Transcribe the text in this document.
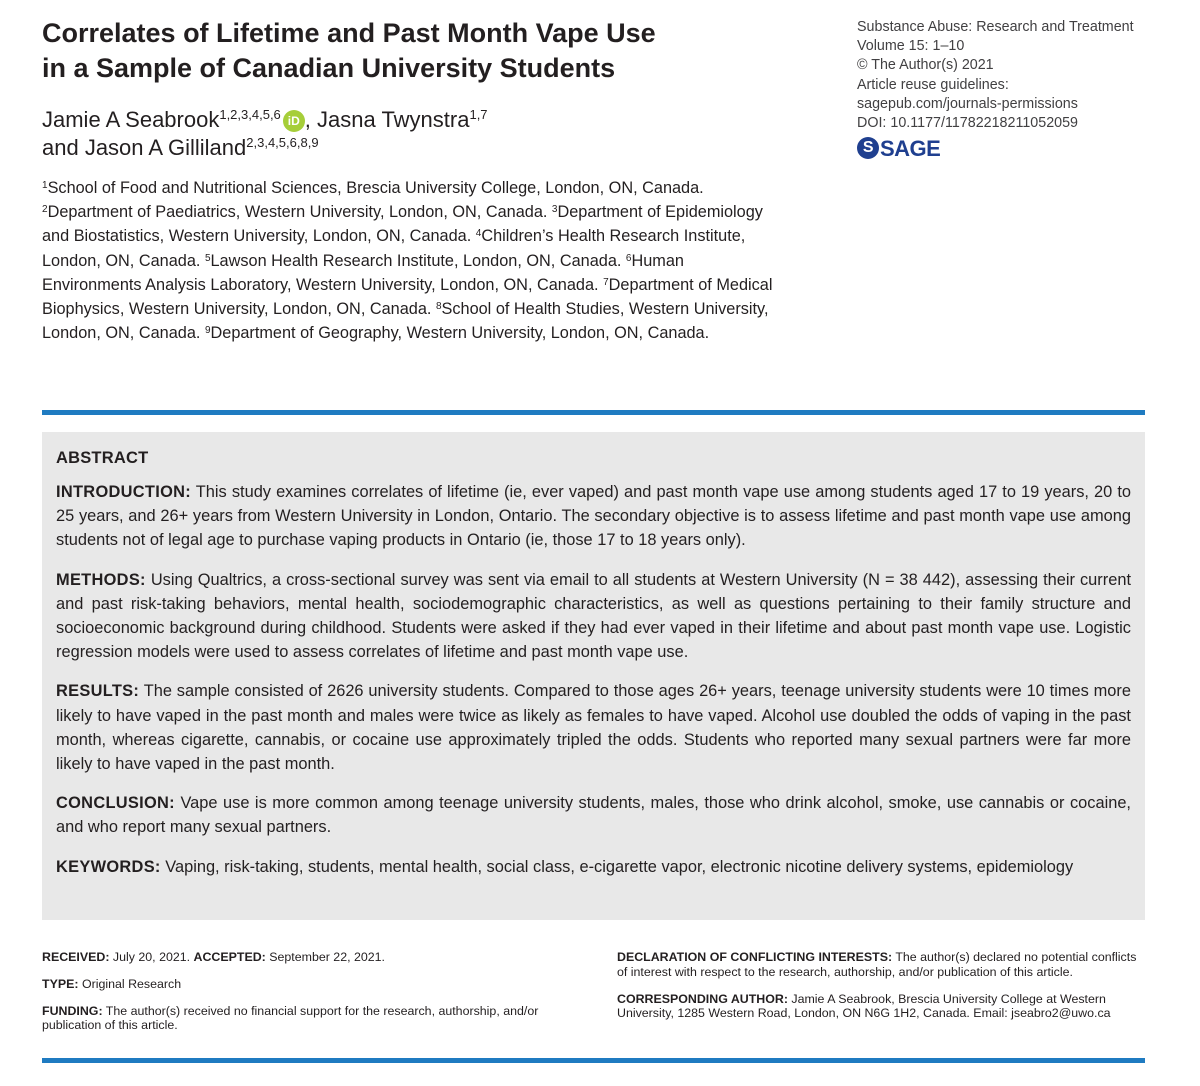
Correlates of Lifetime and Past Month Vape Use
in a Sample of Canadian University Students
Jamie A Seabrook$^{1,2,3,4,5,6}$ iD , Jasna Twynstra$^{1,7}$
and Jason A Gilliland$^{2,3,4,5,6,8,9}$
$^1$School of Food and Nutritional Sciences, Brescia University College, London, ON, Canada.
$^2$Department of Paediatrics, Western University, London, ON, Canada. $^3$Department of Epidemiology and Biostatistics, Western University, London, ON, Canada. $^4$Children’s Health Research Institute, London, ON, Canada. $^5$Lawson Health Research Institute, London, ON, Canada. $^6$Human Environments Analysis Laboratory, Western University, London, ON, Canada. $^7$Department of Medical Biophysics, Western University, London, ON, Canada. $^8$School of Health Studies, Western University, London, ON, Canada. $^9$Department of Geography, Western University, London, ON, Canada.
Substance Abuse: Research and Treatment
Volume 15: 1–10
© The Author(s) 2021
Article reuse guidelines:
sagepub.com/journals-permissions
DOI: 10.1177/11782218211052059
S SAGE
ABSTRACT

INTRODUCTION: This study examines correlates of lifetime (ie, ever vaped) and past month vape use among students aged 17 to 19 years, 20 to 25 years, and 26+ years from Western University in London, Ontario. The secondary objective is to assess lifetime and past month vape use among students not of legal age to purchase vaping products in Ontario (ie, those 17 to 18 years only).

METHODS: Using Qualtrics, a cross-sectional survey was sent via email to all students at Western University (N = 38 442), assessing their current and past risk-taking behaviors, mental health, sociodemographic characteristics, as well as questions pertaining to their family structure and socioeconomic background during childhood. Students were asked if they had ever vaped in their lifetime and about past month vape use. Logistic regression models were used to assess correlates of lifetime and past month vape use.

RESULTS: The sample consisted of 2626 university students. Compared to those ages 26+ years, teenage university students were 10 times more likely to have vaped in the past month and males were twice as likely as females to have vaped. Alcohol use doubled the odds of vaping in the past month, whereas cigarette, cannabis, or cocaine use approximately tripled the odds. Students who reported many sexual partners were far more likely to have vaped in the past month.

CONCLUSION: Vape use is more common among teenage university students, males, those who drink alcohol, smoke, use cannabis or cocaine, and who report many sexual partners.

KEYWORDS: Vaping, risk-taking, students, mental health, social class, e-cigarette vapor, electronic nicotine delivery systems, epidemiology

RECEIVED: July 20, 2021. ACCEPTED: September 22, 2021.
TYPE: Original Research
FUNDING: The author(s) received no financial support for the research, authorship, and/or publication of this article.
DECLARATION OF CONFLICTING INTERESTS: The author(s) declared no potential conflicts of interest with respect to the research, authorship, and/or publication of this article.
CORRESPONDING AUTHOR: Jamie A Seabrook, Brescia University College at Western University, 1285 Western Road, London, ON N6G 1H2, Canada. Email: jseabro2@uwo.ca
